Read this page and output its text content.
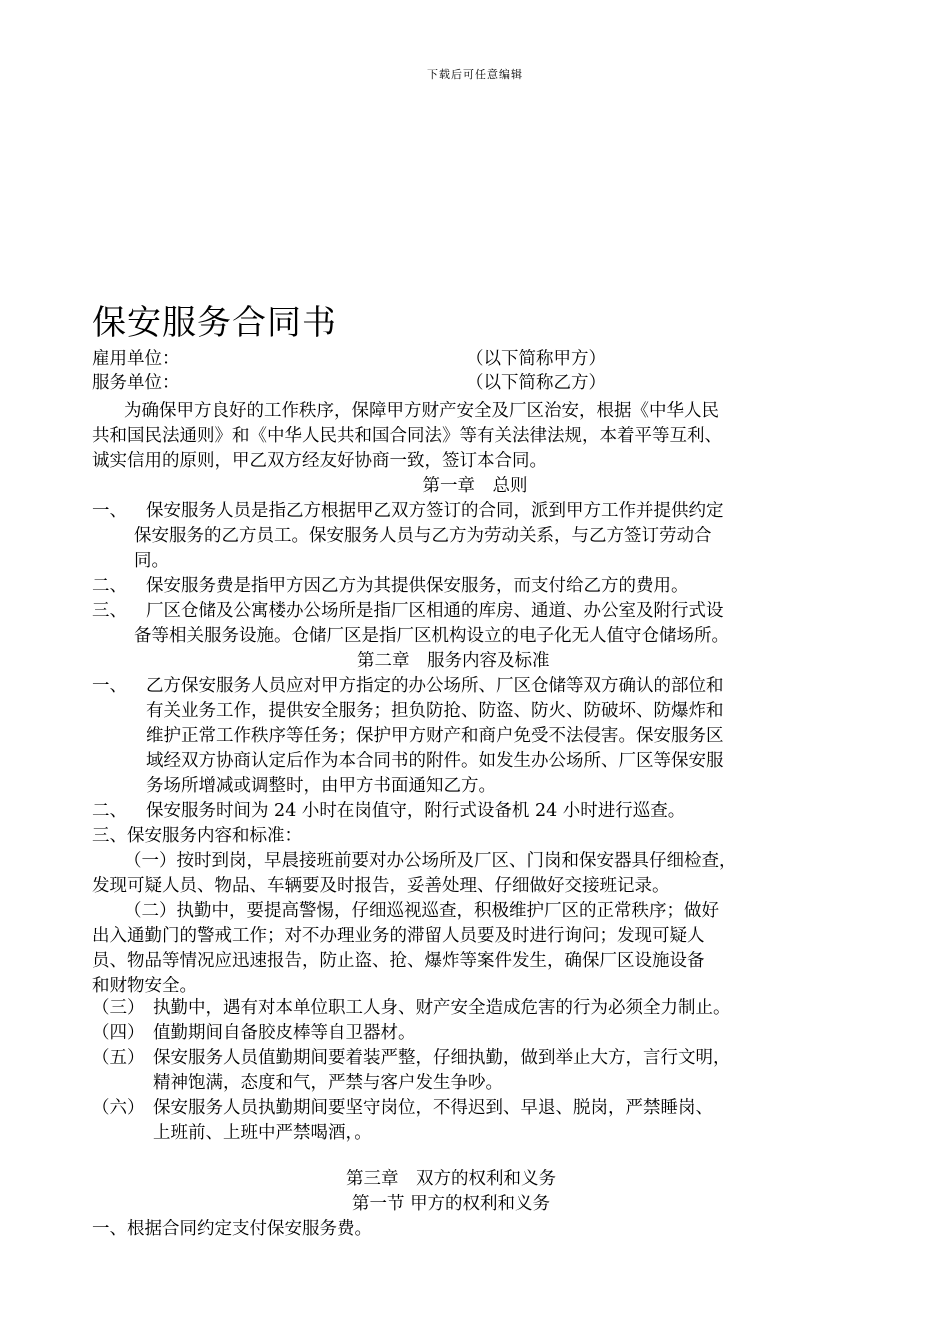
下载后可任意编辑
保安服务合同书
雇用单位：	（以下简称甲方）
服务单位：	（以下简称乙方）
为确保甲方良好的工作秩序，保障甲方财产安全及厂区治安，根据《中华人民
共和国民法通则》和《中华人民共和国合同法》等有关法律法规，本着平等互利、
诚实信用的原则，甲乙双方经友好协商一致，签订本合同。
第一章　总则
一、 保安服务人员是指乙方根据甲乙双方签订的合同，派到甲方工作并提供约定
保安服务的乙方员工。保安服务人员与乙方为劳动关系，与乙方签订劳动合
同。
二、 保安服务费是指甲方因乙方为其提供保安服务，而支付给乙方的费用。
三、 厂区仓储及公寓楼办公场所是指厂区相通的库房、通道、办公室及附行式设
备等相关服务设施。仓储厂区是指厂区机构设立的电子化无人值守仓储场所。
第二章　服务内容及标准
一、 乙方保安服务人员应对甲方指定的办公场所、厂区仓储等双方确认的部位和
有关业务工作，提供安全服务；担负防抢、防盗、防火、防破坏、防爆炸和
维护正常工作秩序等任务；保护甲方财产和商户免受不法侵害。保安服务区
域经双方协商认定后作为本合同书的附件。如发生办公场所、厂区等保安服
务场所增减或调整时，由甲方书面通知乙方。
二、 保安服务时间为 24 小时在岗值守，附行式设备机 24 小时进行巡查。
三、保安服务内容和标准：
（一）按时到岗，早晨接班前要对办公场所及厂区、门岗和保安器具仔细检查，
发现可疑人员、物品、车辆要及时报告，妥善处理、仔细做好交接班记录。
（二）执勤中，要提高警惕，仔细巡视巡查，积极维护厂区的正常秩序；做好
出入通勤门的警戒工作；对不办理业务的滞留人员要及时进行询问；发现可疑人
员、物品等情况应迅速报告，防止盗、抢、爆炸等案件发生，确保厂区设施设备
和财物安全。
（三） 执勤中，遇有对本单位职工人身、财产安全造成危害的行为必须全力制止。
（四） 值勤期间自备胶皮棒等自卫器材。
（五） 保安服务人员值勤期间要着装严整，仔细执勤，做到举止大方，言行文明，
精神饱满，态度和气，严禁与客户发生争吵。
（六） 保安服务人员执勤期间要坚守岗位，不得迟到、早退、脱岗，严禁睡岗、
上班前、上班中严禁喝酒，。
第三章　双方的权利和义务
第一节 甲方的权利和义务
一、根据合同约定支付保安服务费。
